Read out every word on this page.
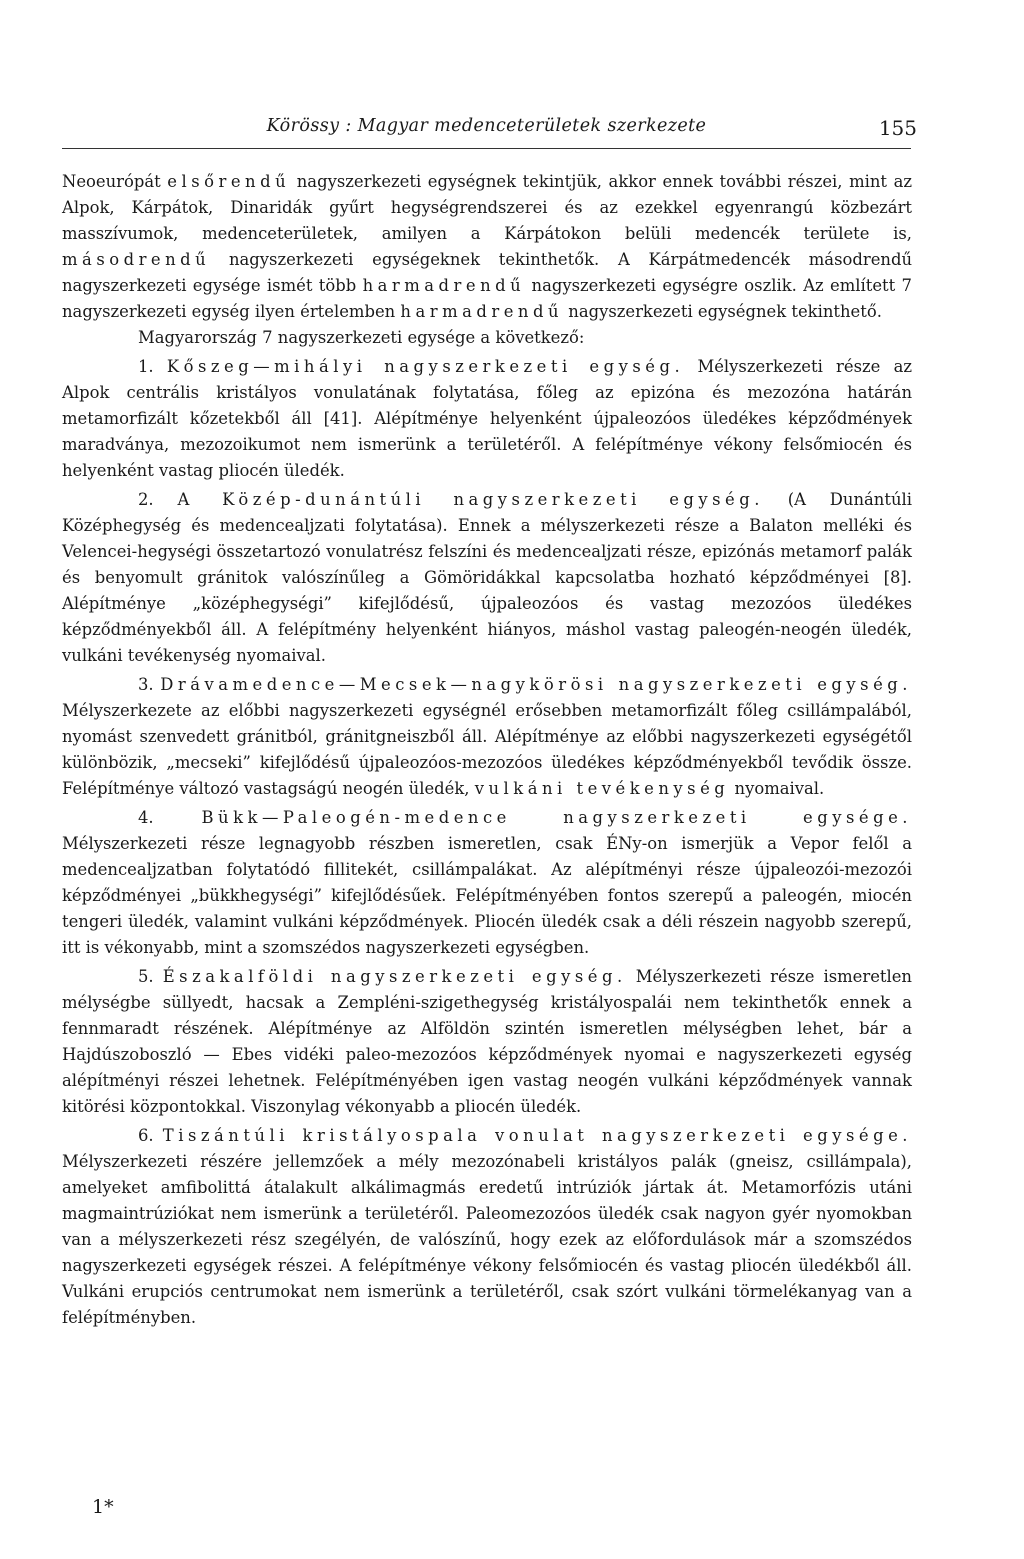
Körössy : Magyar medenceterületek szerkezete	155

Neoeurópát elsőrendű nagyszerkezeti egységnek tekintjük, akkor ennek további részei, mint az Alpok, Kárpátok, Dinaridák gyűrt hegységrendszerei és az ezekkel egyenrangú közbezárt masszívumok, medenceterületek, amilyen a Kárpátokon belüli medencék területe is, másodrendű nagyszerkezeti egységeknek tekinthetők. A Kárpátmedencék másodrendű nagyszerkezeti egysége ismét több harmadrendű nagyszerkezeti egységre oszlik. Az említett 7 nagyszerkezeti egység ilyen értelemben harmadrendű nagyszerkezeti egységnek tekinthető.

Magyarország 7 nagyszerkezeti egysége a következő:

1. Kőszeg—mihályi nagyszerkezeti egység. Mélyszerkezeti része az Alpok centrális kristályos vonulatának folytatása, főleg az epizóna és mezozóna határán metamorfizált kőzetekből áll [41]. Alépítménye helyenként újpaleozóos üledékes képződmények maradványa, mezozoikumot nem ismerünk a területéről. A felépítménye vékony felsőmiocén és helyenként vastag pliocén üledék.

2. A Közép-dunántúli nagyszerkezeti egység. (A Dunántúli Középhegység és medencealjzati folytatása). Ennek a mélyszerkezeti része a Balaton melléki és Velencei-hegységi összetartozó vonulatrész felszíni és medencealjzati része, epizónás metamorf palák és benyomult gránitok valószínűleg a Gömöridákkal kapcsolatba hozható képződményei [8]. Alépítménye „középhegységi” kifejlődésű, újpaleozóos és vastag mezozóos üledékes képződményekből áll. A felépítmény helyenként hiányos, máshol vastag paleogén-neogén üledék, vulkáni tevékenység nyomaival.

3. Drávamedence—Mecsek—nagykörösi nagyszerkezeti egység. Mélyszerkezete az előbbi nagyszerkezeti egységnél erősebben metamorfizált főleg csillámpalából, nyomást szenvedett gránitból, gránitgneiszből áll. Alépítménye az előbbi nagyszerkezeti egységétől különbözik, „mecseki” kifejlődésű újpaleozóos-mezozóos üledékes képződményekből tevődik össze. Felépítménye változó vastagságú neogén üledék, vulkáni tevékenység nyomaival.

4. Bükk—Paleogén-medence nagyszerkezeti egysége. Mélyszerkezeti része legnagyobb részben ismeretlen, csak ÉNy-on ismerjük a Vepor felől a medencealjzatban folytatódó fillitekét, csillámpalákat. Az alépítményi része újpaleozói-mezozói képződményei „bükkhegységi” kifejlődésűek. Felépítményében fontos szerepű a paleogén, miocén tengeri üledék, valamint vulkáni képződmények. Pliocén üledék csak a déli részein nagyobb szerepű, itt is vékonyabb, mint a szomszédos nagyszerkezeti egységben.

5. Északalföldi nagyszerkezeti egység. Mélyszerkezeti része ismeretlen mélységbe süllyedt, hacsak a Zempléni-szigethegység kristályospalái nem tekinthetők ennek a fennmaradt részének. Alépítménye az Alföldön szintén ismeretlen mélységben lehet, bár a Hajdúszoboszló — Ebes vidéki paleo-mezozóos képződmények nyomai e nagyszerkezeti egység alépítményi részei lehetnek. Felépítményében igen vastag neogén vulkáni képződmények vannak kitörési központokkal. Viszonylag vékonyabb a pliocén üledék.

6. Tiszántúli kristályospala vonulat nagyszerkezeti egysége. Mélyszerkezeti részére jellemzőek a mély mezozónabeli kristályos palák (gneisz, csillámpala), amelyeket amfibolittá átalakult alkálimagmás eredetű intrúziók jártak át. Metamorfózis utáni magmaintrúziókat nem ismerünk a területéről. Paleomezozóos üledék csak nagyon gyér nyomokban van a mélyszerkezeti rész szegélyén, de valószínű, hogy ezek az előfordulások már a szomszédos nagyszerkezeti egységek részei. A felépítménye vékony felsőmiocén és vastag pliocén üledékből áll. Vulkáni erupciós centrumokat nem ismerünk a területéről, csak szórt vulkáni törmelékanyag van a felépítményben.

1*
